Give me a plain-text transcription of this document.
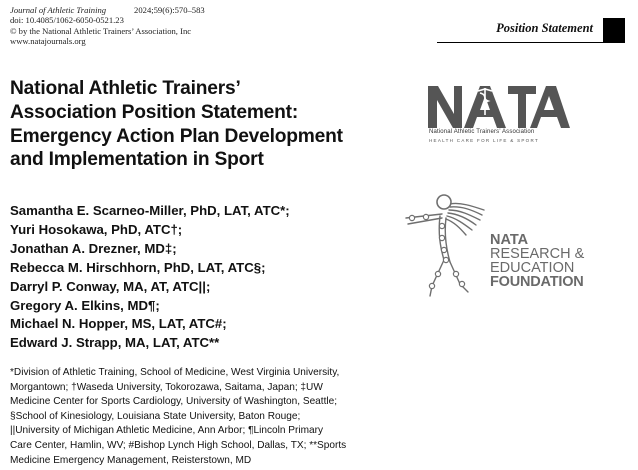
Journal of Athletic Training	2024;59(6):570–583
doi: 10.4085/1062-6050-0521.23
© by the National Athletic Trainers’ Association, Inc
www.natajournals.org
Position Statement
National Athletic Trainers’
Association Position Statement:
Emergency Action Plan Development
and Implementation in Sport
Samantha E. Scarneo-Miller, PhD, LAT, ATC*;
Yuri Hosokawa, PhD, ATC†;
Jonathan A. Drezner, MD‡;
Rebecca M. Hirschhorn, PhD, LAT, ATC§;
Darryl P. Conway, MA, AT, ATC||;
Gregory A. Elkins, MD¶;
Michael N. Hopper, MS, LAT, ATC#;
Edward J. Strapp, MA, LAT, ATC**
*Division of Athletic Training, School of Medicine, West Virginia University,
Morgantown; †Waseda University, Tokorozawa, Saitama, Japan; ‡UW
Medicine Center for Sports Cardiology, University of Washington, Seattle;
§School of Kinesiology, Louisiana State University, Baton Rouge;
||University of Michigan Athletic Medicine, Ann Arbor; ¶Lincoln Primary
Care Center, Hamlin, WV; #Bishop Lynch High School, Dallas, TX; **Sports
Medicine Emergency Management, Reisterstown, MD
National Athletic Trainers’ Association
HEALTH CARE FOR LIFE & SPORT
NATA
RESEARCH &
EDUCATION
FOUNDATION
